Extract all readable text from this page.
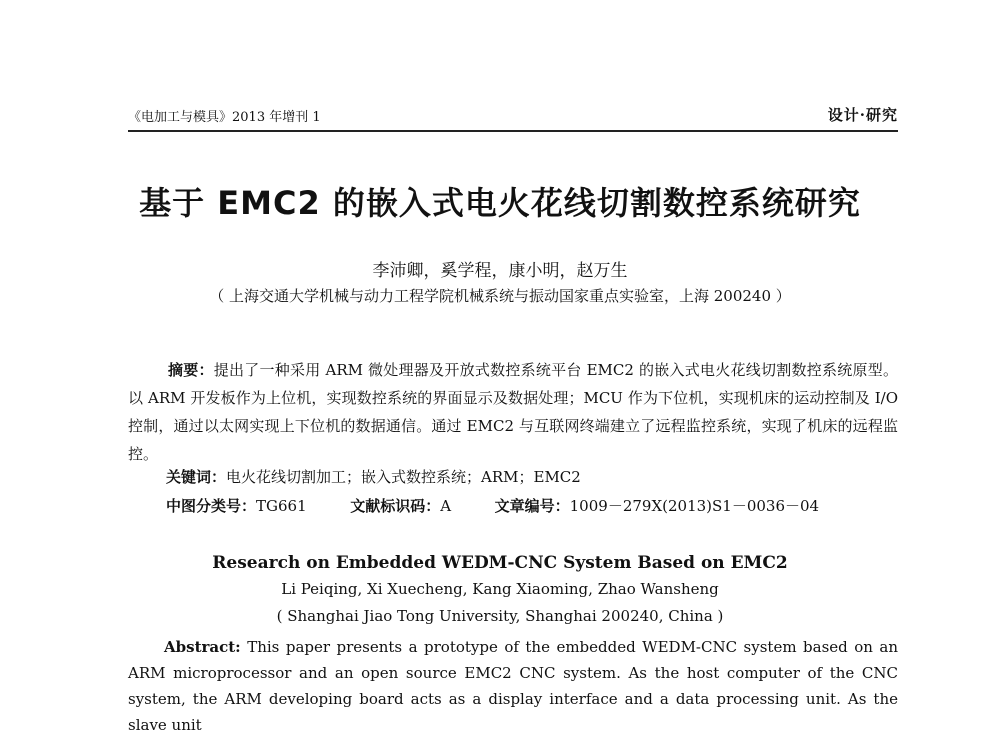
《电加工与模具》2013 年增刊 1	设计·研究
基于 EMC2 的嵌入式电火花线切割数控系统研究
李沛卿，奚学程，康小明，赵万生
（ 上海交通大学机械与动力工程学院机械系统与振动国家重点实验室，上海 200240 ）
摘要：提出了一种采用 ARM 微处理器及开放式数控系统平台 EMC2 的嵌入式电火花线切割数控系统原型。以 ARM 开发板作为上位机，实现数控系统的界面显示及数据处理；MCU 作为下位机，实现机床的运动控制及 I/O 控制，通过以太网实现上下位机的数据通信。通过 EMC2 与互联网终端建立了远程监控系统，实现了机床的远程监控。
关键词：电火花线切割加工；嵌入式数控系统；ARM；EMC2
中图分类号：TG661	文献标识码：A	文章编号：1009－279X(2013)S1－0036－04
Research on Embedded WEDM-CNC System Based on EMC2
Li Peiqing, Xi Xuecheng, Kang Xiaoming, Zhao Wansheng
( Shanghai Jiao Tong University, Shanghai 200240, China )
Abstract: This paper presents a prototype of the embedded WEDM-CNC system based on an ARM microprocessor and an open source EMC2 CNC system. As the host computer of the CNC system, the ARM developing board acts as a display interface and a data processing unit. As the slave unit
